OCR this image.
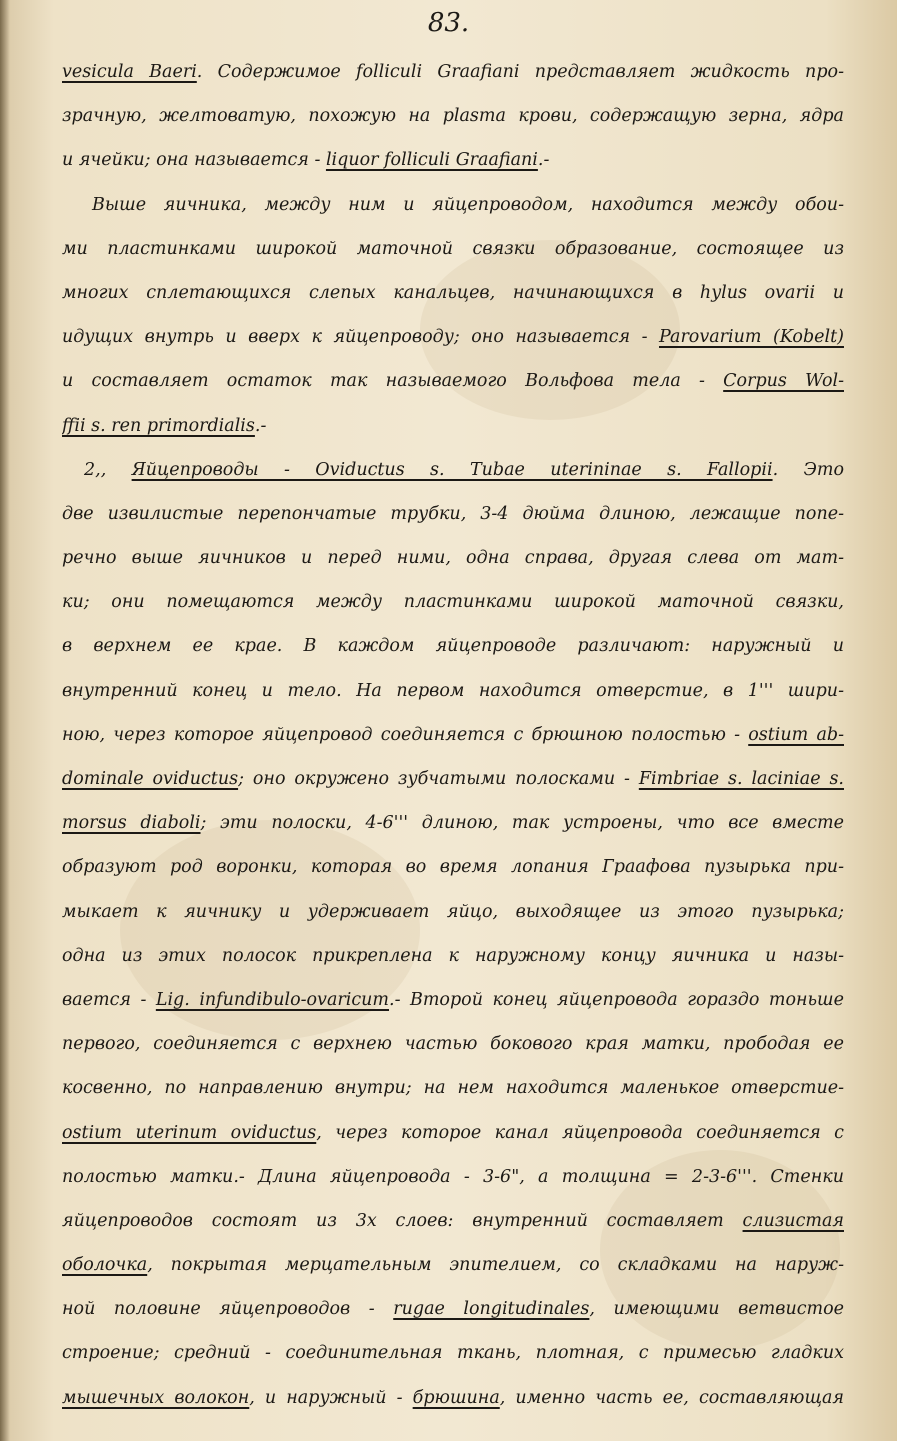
83.
vesicula Baeri. Содержимое folliculi Graafiani представляет жидкость про-
зрачную, желтоватую, похожую на plasma крови, содержащую зерна, ядра
и ячейки; она называется - liquor folliculi Graafiani.-
Выше яичника, между ним и яйцепроводом, находится между обои-
ми пластинками широкой маточной связки образование, состоящее из
многих сплетающихся слепых канальцев, начинающихся в hylus ovarii и
идущих внутрь и вверх к яйцепроводу; оно называется - Parovarium (Kobelt)
и составляет остаток так называемого Вольфова тела - Corpus Wol-
ffii s. ren primordialis.-
2,, Яйцепроводы - Oviductus s. Tubae uterininae s. Fallopii. Это
две извилистые перепончатые трубки, 3-4 дюйма длиною, лежащие попе-
речно выше яичников и перед ними, одна справа, другая слева от мат-
ки; они помещаются между пластинками широкой маточной связки,
в верхнем ее крае. В каждом яйцепроводе различают: наружный и
внутренний конец и тело. На первом находится отверстие, в 1''' шири-
ною, через которое яйцепровод соединяется с брюшною полостью - ostium ab-
dominale oviductus; оно окружено зубчатыми полосками - Fimbriae s. laciniae s.
morsus diaboli; эти полоски, 4-6''' длиною, так устроены, что все вместе
образуют род воронки, которая во время лопания Граафова пузырька при-
мыкает к яичнику и удерживает яйцо, выходящее из этого пузырька;
одна из этих полосок прикреплена к наружному концу яичника и назы-
вается - Lig. infundibulo-ovaricum.- Второй конец яйцепровода гораздо тоньше
первого, соединяется с верхнею частью бокового края матки, прободая ее
косвенно, по направлению внутри; на нем находится маленькое отверстие-
ostium uterinum oviductus, через которое канал яйцепровода соединяется с
полостью матки.- Длина яйцепровода - 3-6", а толщина = 2-3-6'''. Стенки
яйцепроводов состоят из 3х слоев: внутренний составляет слизистая
оболочка, покрытая мерцательным эпителием, со складками на наруж-
ной половине яйцепроводов - rugae longitudinales, имеющими ветвистое
строение; средний - соединительная ткань, плотная, с примесью гладких
мышечных волокон, и наружный - брюшина, именно часть ее, составляющая
